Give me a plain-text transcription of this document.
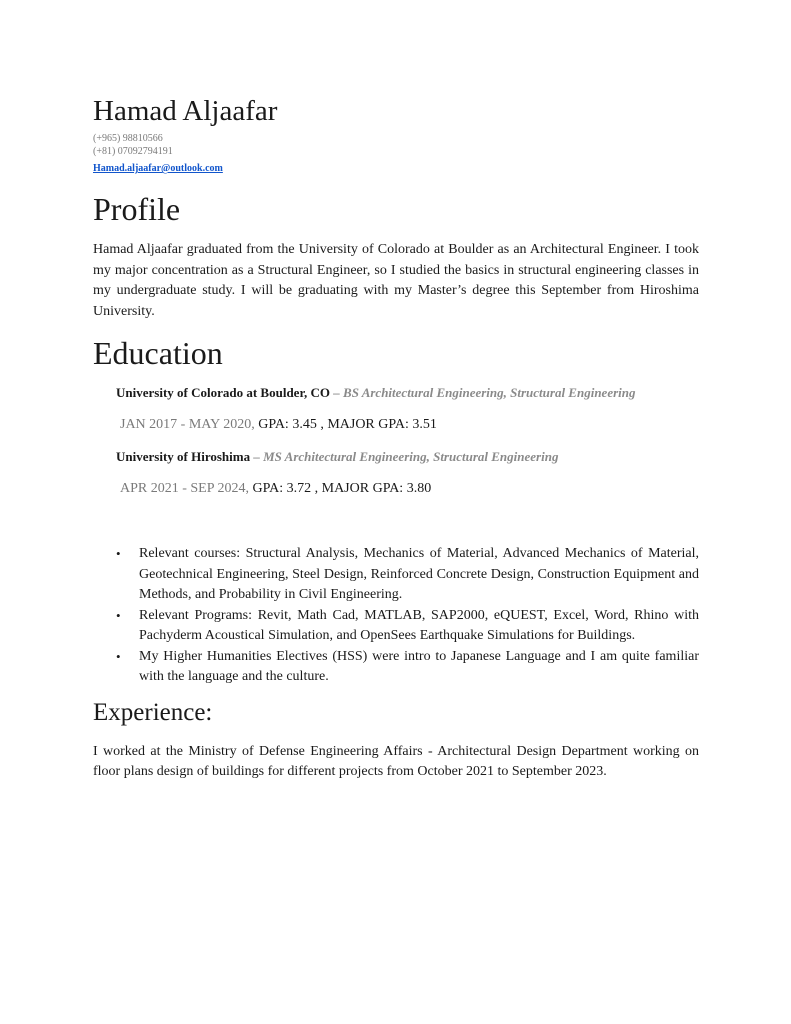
Hamad Aljaafar

(+965) 98810566

(+81) 07092794191

Hamad.aljaafar@outlook.com
Profile

Hamad Aljaafar graduated from the University of Colorado at Boulder as an Architectural Engineer. I took my major concentration as a Structural Engineer, so I studied the basics in structural engineering classes in my undergraduate study. I will be graduating with my Master’s degree this September from Hiroshima University.

Education

University of Colorado at Boulder, CO – BS Architectural Engineering, Structural Engineering

JAN 2017 - MAY 2020, GPA: 3.45 , MAJOR GPA: 3.51

University of Hiroshima – MS Architectural Engineering, Structural Engineering

APR 2021 - SEP 2024, GPA: 3.72 , MAJOR GPA: 3.80

• Relevant courses: Structural Analysis, Mechanics of Material, Advanced Mechanics of Material, Geotechnical Engineering, Steel Design, Reinforced Concrete Design, Construction Equipment and Methods, and Probability in Civil Engineering.
• Relevant Programs: Revit, Math Cad, MATLAB, SAP2000, eQUEST, Excel, Word, Rhino with Pachyderm Acoustical Simulation, and OpenSees Earthquake Simulations for Buildings.
• My Higher Humanities Electives (HSS) were intro to Japanese Language and I am quite familiar with the language and the culture.
Experience:

I worked at the Ministry of Defense Engineering Affairs - Architectural Design Department working on floor plans design of buildings for different projects from October 2021 to September 2023.
